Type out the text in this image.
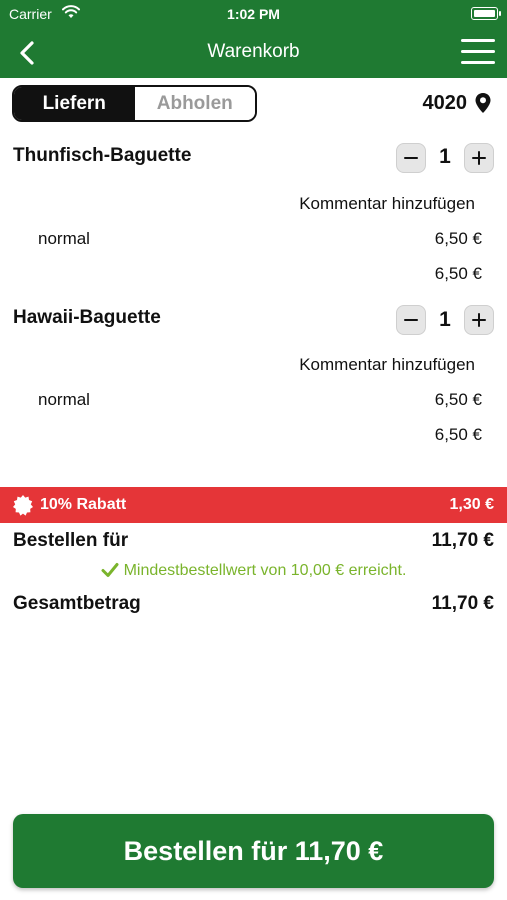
Carrier	1:02 PM
Warenkorb
Liefern	Abholen	4020
Thunfisch-Baguette	1
Kommentar hinzufügen
normal	6,50 €
6,50 €
Hawaii-Baguette	1
Kommentar hinzufügen
normal	6,50 €
6,50 €
10% Rabatt	1,30 €
Bestellen für	11,70 €
Mindestbestellwert von 10,00 € erreicht.
Gesamtbetrag	11,70 €
Bestellen für 11,70 €
